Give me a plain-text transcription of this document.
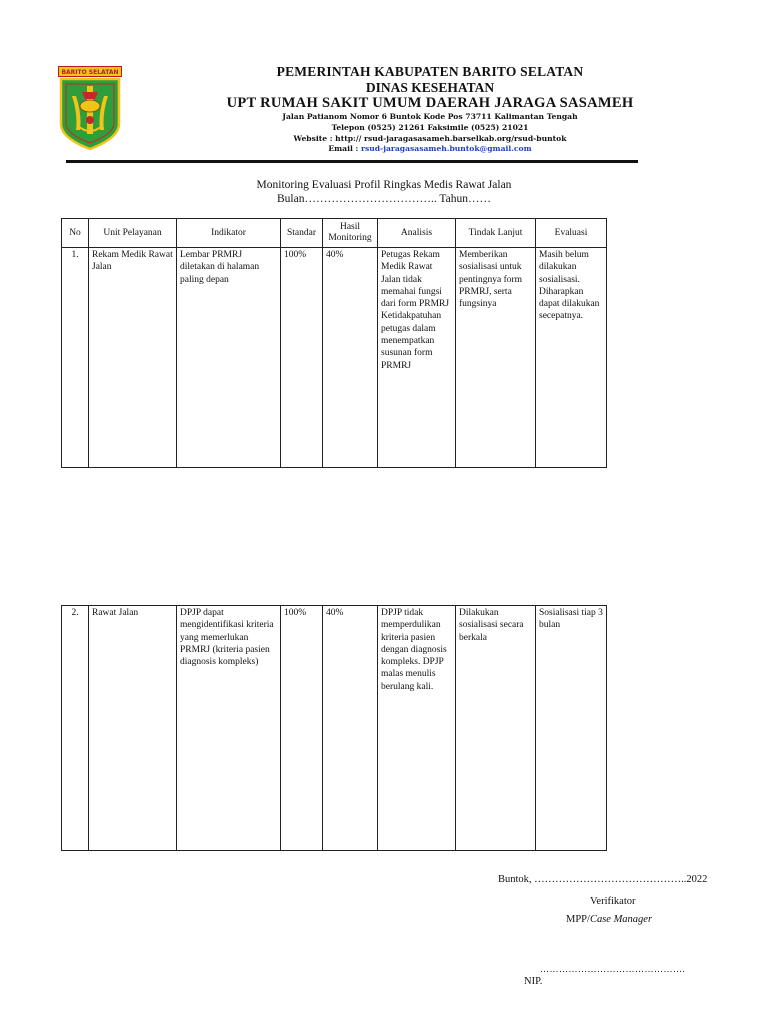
BARITO SELATAN	PEMERINTAH KABUPATEN BARITO SELATAN
DINAS KESEHATAN
UPT RUMAH SAKIT UMUM DAERAH JARAGA SASAMEH
Jalan Patianom Nomor 6 Buntok Kode Pos 73711 Kalimantan Tengah
Telepon (0525) 21261 Faksimile (0525) 21021
Website : http:// rsud-jaragasasameh.barselkab.org/rsud-buntok
Email : rsud-jaragasasameh.buntok@gmail.com
Monitoring Evaluasi Profil Ringkas Medis Rawat Jalan
Bulan…………………………….. Tahun……
No	Unit Pelayanan	Indikator	Standar	Hasil Monitoring	Analisis	Tindak Lanjut	Evaluasi
1.	Rekam Medik Rawat Jalan	Lembar PRMRJ diletakan di halaman paling depan	100%	40%	Petugas Rekam Medik Rawat Jalan tidak memahai fungsi dari form PRMRJ Ketidakpatuhan petugas dalam menempatkan susunan form PRMRJ	Memberikan sosialisasi untuk pentingnya form PRMRJ, serta fungsinya	Masih belum dilakukan sosialisasi. Diharapkan dapat dilakukan secepatnya.
2.	Rawat Jalan	DPJP dapat mengidentifikasi kriteria yang memerlukan PRMRJ (kriteria pasien diagnosis kompleks)	100%	40%	DPJP tidak memperdulikan kriteria pasien dengan diagnosis kompleks. DPJP malas menulis berulang kali.	Dilakukan sosialisasi secara berkala	Sosialisasi tiap 3 bulan
Buntok, ……………………………………..2022
Verifikator
MPP/Case Manager
……………………………………….
NIP.
